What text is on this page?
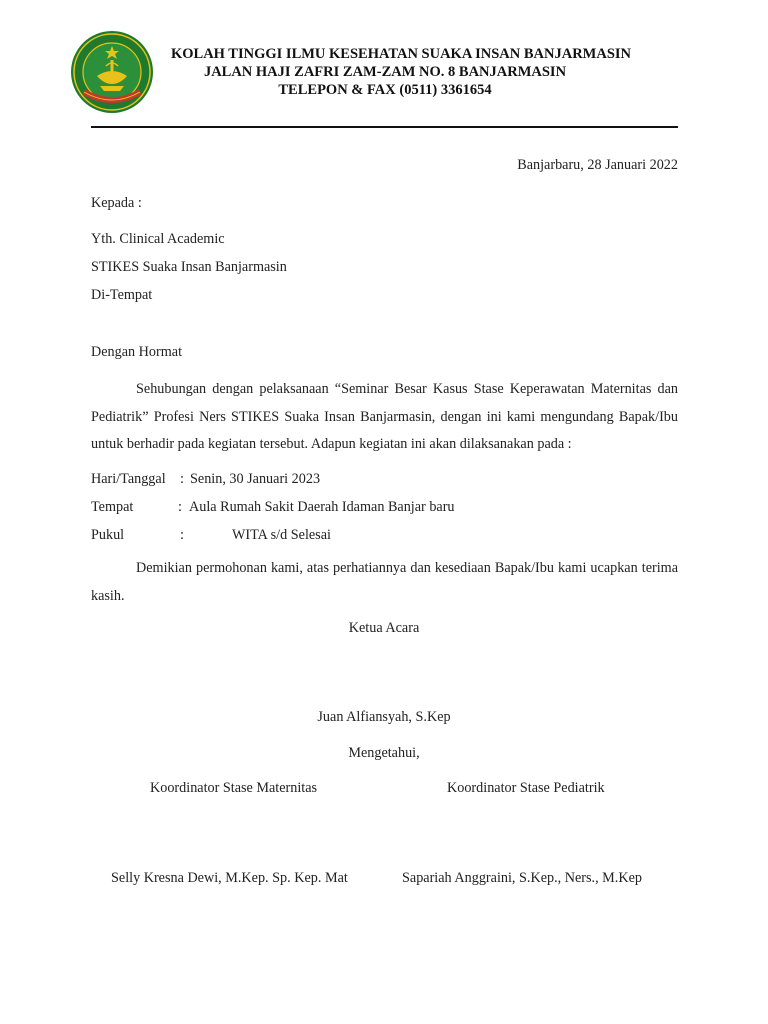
KOLAH TINGGI ILMU KESEHATAN SUAKA INSAN BANJARMASIN
JALAN HAJI ZAFRI ZAM-ZAM NO. 8 BANJARMASIN
TELEPON & FAX (0511) 3361654
Banjarbaru, 28 Januari 2022
Kepada :
Yth. Clinical Academic
STIKES Suaka Insan Banjarmasin
Di-Tempat
Dengan Hormat
Sehubungan dengan pelaksanaan “Seminar Besar Kasus Stase Keperawatan Maternitas dan Pediatrik” Profesi Ners STIKES Suaka Insan Banjarmasin, dengan ini kami mengundang Bapak/Ibu untuk berhadir pada kegiatan tersebut. Adapun kegiatan ini akan dilaksanakan pada :
Hari/Tanggal : Senin, 30 Januari 2023
Tempat	: Aula Rumah Sakit Daerah Idaman Banjar baru
Pukul	:	WITA s/d Selesai
Demikian permohonan kami, atas perhatiannya dan kesediaan Bapak/Ibu kami ucapkan terima kasih.
Ketua Acara
Juan Alfiansyah, S.Kep
Mengetahui,
Koordinator Stase Maternitas	Koordinator Stase Pediatrik
Selly Kresna Dewi, M.Kep. Sp. Kep. Mat	Sapariah Anggraini, S.Kep., Ners., M.Kep
